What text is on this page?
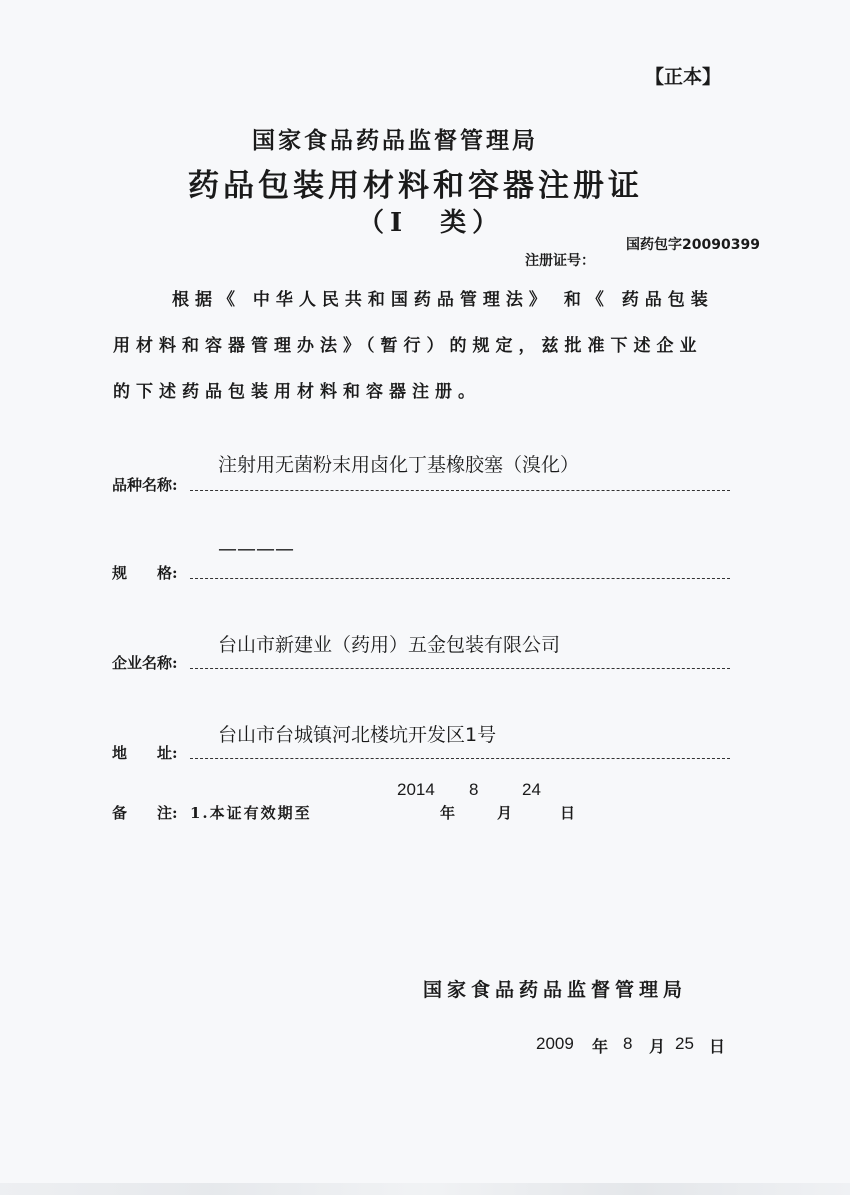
【正本】
国家食品药品监督管理局
药品包装用材料和容器注册证
（I　类）
国药包字20090399
注册证号：
根据《 中华人民共和国药品管理法》 和《 药品包装
用材料和容器管理办法》（暂行）的规定，兹批准下述企业
的下述药品包装用材料和容器注册。
注射用无菌粉末用卤化丁基橡胶塞（溴化）
品种名称:
————
规　　格:
台山市新建业（药用）五金包装有限公司
企业名称:
台山市台城镇河北楼坑开发区1号
地　　址:
2014 8	24
备　　注: 1.本证有效期至	年	月	日
国家食品药品监督管理局
2009 年 8 月 25 日
